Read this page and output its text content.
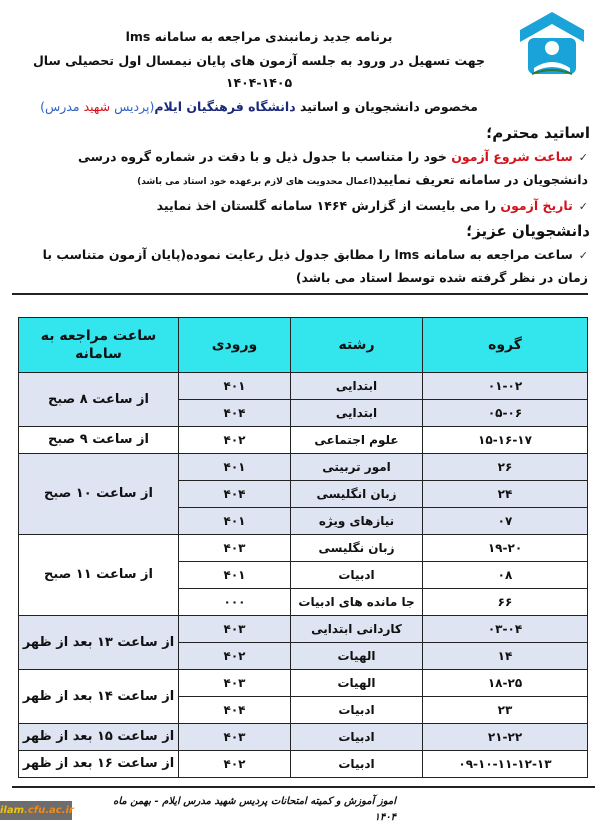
برنامه جدید زمانبندی مراجعه به سامانه lms
جهت تسهیل در ورود به جلسه آزمون های پایان نیمسال اول تحصیلی سال ۱۴۰۵-۱۴۰۴
مخصوص دانشجویان و اساتید دانشگاه فرهنگیان ایلام(پردیس شهید مدرس)
اساتید محترم؛
✓ساعت شروع آزمون خود را متناسب با جدول ذیل و با دقت در شماره گروه درسی دانشجویان در سامانه تعریف نمایید(اعمال محدویت های لازم برعهده خود استاد می باشد)
✓تاریخ آزمون را می بایست از گزارش ۱۴۶۴ سامانه گلستان اخذ نمایید
دانشجویان عزیز؛
✓ساعت مراجعه به سامانه lms را مطابق جدول ذیل رعایت نموده(پایان آزمون متناسب با زمان در نظر گرفته شده توسط استاد می باشد)
گروه	رشته	ورودی	ساعت مراجعه به سامانه
۰۱-۰۲	ابتدایی	۴۰۱	از ساعت ۸ صبح
۰۵-۰۶	ابتدایی	۴۰۴	
۱۵-۱۶-۱۷	علوم اجتماعی	۴۰۲	از ساعت ۹ صبح
۲۶	امور تربیتی	۴۰۱	از ساعت ۱۰ صبح
۲۴	زبان انگلیسی	۴۰۴	
۰۷	نیازهای ویژه	۴۰۱	
۱۹-۲۰	زبان نگلیسی	۴۰۳	از ساعت ۱۱ صبح
۰۸	ادبیات	۴۰۱	
۶۶	جا مانده های ادبیات	۰۰۰	
۰۳-۰۴	کاردانی ابتدایی	۴۰۳	از ساعت ۱۳ بعد از ظهر
۱۴	الهیات	۴۰۲	
۱۸-۲۵	الهیات	۴۰۳	از ساعت ۱۴ بعد از ظهر
۲۳	ادبیات	۴۰۴	
۲۱-۲۲	ادبیات	۴۰۳	از ساعت ۱۵ بعد از ظهر
۰۹-۱۰-۱۱-۱۲-۱۳	ادبیات	۴۰۲	از ساعت ۱۶ بعد از ظهر
ilam.cfu.ac.ir
اموز آموزش و کمیته امتحانات پردیس شهید مدرس ایلام - بهمن ماه ۱۴۰۴
